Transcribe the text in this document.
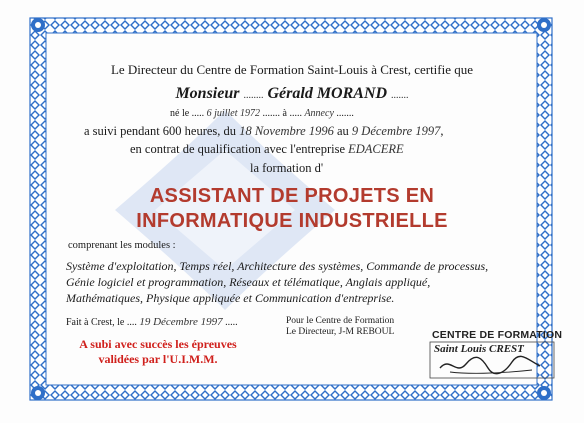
Le Directeur du Centre de Formation Saint-Louis à Crest, certifie que
Monsieur ........ Gérald MORAND .......
né le ..... 6 juillet 1972 ....... à ..... Annecy .......
a suivi pendant 600 heures, du 18 Novembre 1996 au 9 Décembre 1997,
en contrat de qualification avec l'entreprise EDACERE
la formation d'
ASSISTANT DE PROJETS EN
INFORMATIQUE INDUSTRIELLE
comprenant les modules :
Système d'exploitation, Temps réel, Architecture des systèmes, Commande de processus, Génie logiciel et programmation, Réseaux et télématique, Anglais appliqué, Mathématiques, Physique appliquée et Communication d'entreprise.
Fait à Crest, le .... 19 Décembre 1997 .....	Pour le Centre de Formation
Le Directeur, J-M REBOUL
A subi avec succès les épreuves
validées par l'U.I.M.M.
CENTRE DE FORMATION
Saint Louis CREST
